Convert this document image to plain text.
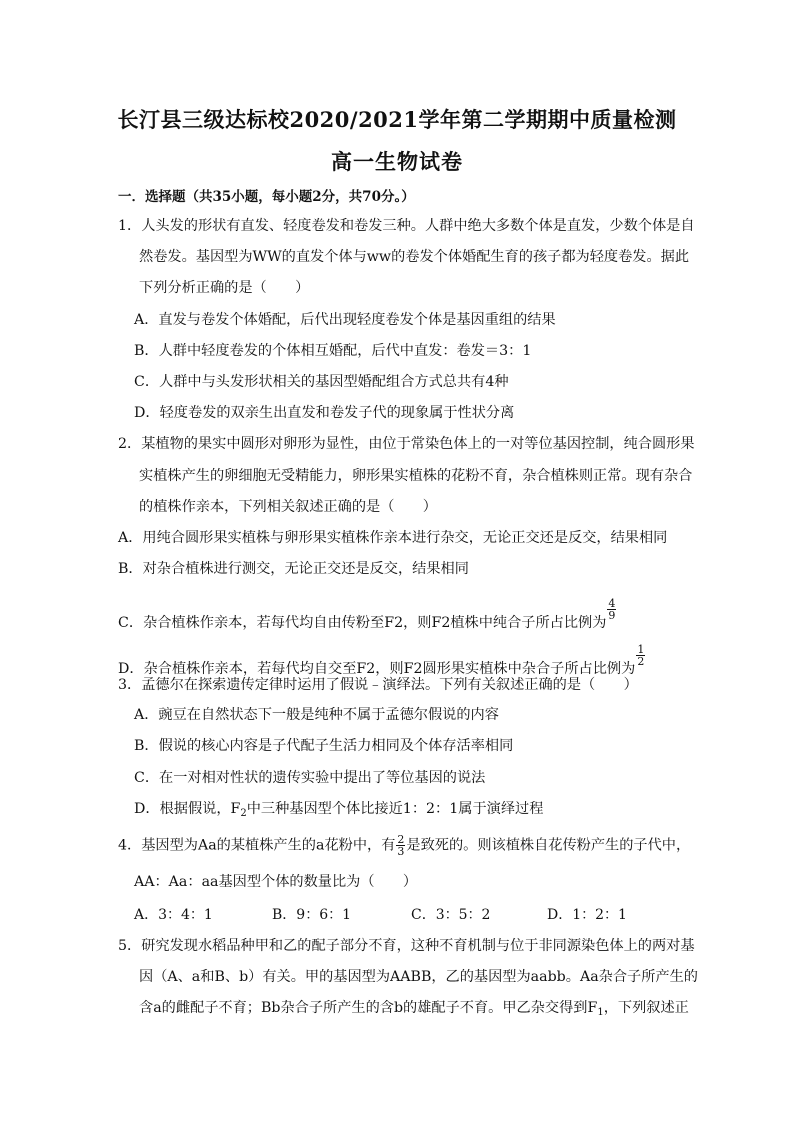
长汀县三级达标校2020/2021学年第二学期期中质量检测
高一生物试卷
一．选择题（共35小题，每小题2分，共70分。）
1．人头发的形状有直发、轻度卷发和卷发三种。人群中绝大多数个体是直发，少数个体是自
然卷发。基因型为WW的直发个体与ww的卷发个体婚配生育的孩子都为轻度卷发。据此
下列分析正确的是（　　）
A．直发与卷发个体婚配，后代出现轻度卷发个体是基因重组的结果
B．人群中轻度卷发的个体相互婚配，后代中直发：卷发＝3：1
C．人群中与头发形状相关的基因型婚配组合方式总共有4种
D．轻度卷发的双亲生出直发和卷发子代的现象属于性状分离
2．某植物的果实中圆形对卵形为显性，由位于常染色体上的一对等位基因控制，纯合圆形果
实植株产生的卵细胞无受精能力，卵形果实植株的花粉不育，杂合植株则正常。现有杂合
的植株作亲本，下列相关叙述正确的是（　　）
A．用纯合圆形果实植株与卵形果实植株作亲本进行杂交，无论正交还是反交，结果相同
B．对杂合植株进行测交，无论正交还是反交，结果相同
C．杂合植株作亲本，若每代均自由传粉至F2，则F2植株中纯合子所占比例为
$\frac{4}{9}$
D．杂合植株作亲本，若每代均自交至F2，则F2圆形果实植株中杂合子所占比例为
$\frac{1}{2}$
3．孟德尔在探索遗传定律时运用了假说﹣演绎法。下列有关叙述正确的是（　　）
A．豌豆在自然状态下一般是纯种不属于孟德尔假说的内容
B．假说的核心内容是子代配子生活力相同及个体存活率相同
C．在一对相对性状的遗传实验中提出了等位基因的说法
D．根据假说，$F_2$中三种基因型个体比接近1：2：1属于演绎过程
4．基因型为Aa的某植株产生的a花粉中，有 $\frac{2}{3}$ 是致死的。则该植株自花传粉产生的子代中，
AA：Aa：aa基因型个体的数量比为（　　）
A．3：4：1	B．9：6：1	C．3：5：2	D．1：2：1
5．研究发现水稻品种甲和乙的配子部分不育，这种不育机制与位于非同源染色体上的两对基
因（A、a和B、b）有关。甲的基因型为AABB，乙的基因型为aabb。Aa杂合子所产生的
含a的雌配子不育；Bb杂合子所产生的含b的雄配子不育。甲乙杂交得到$F_1$，下列叙述正
